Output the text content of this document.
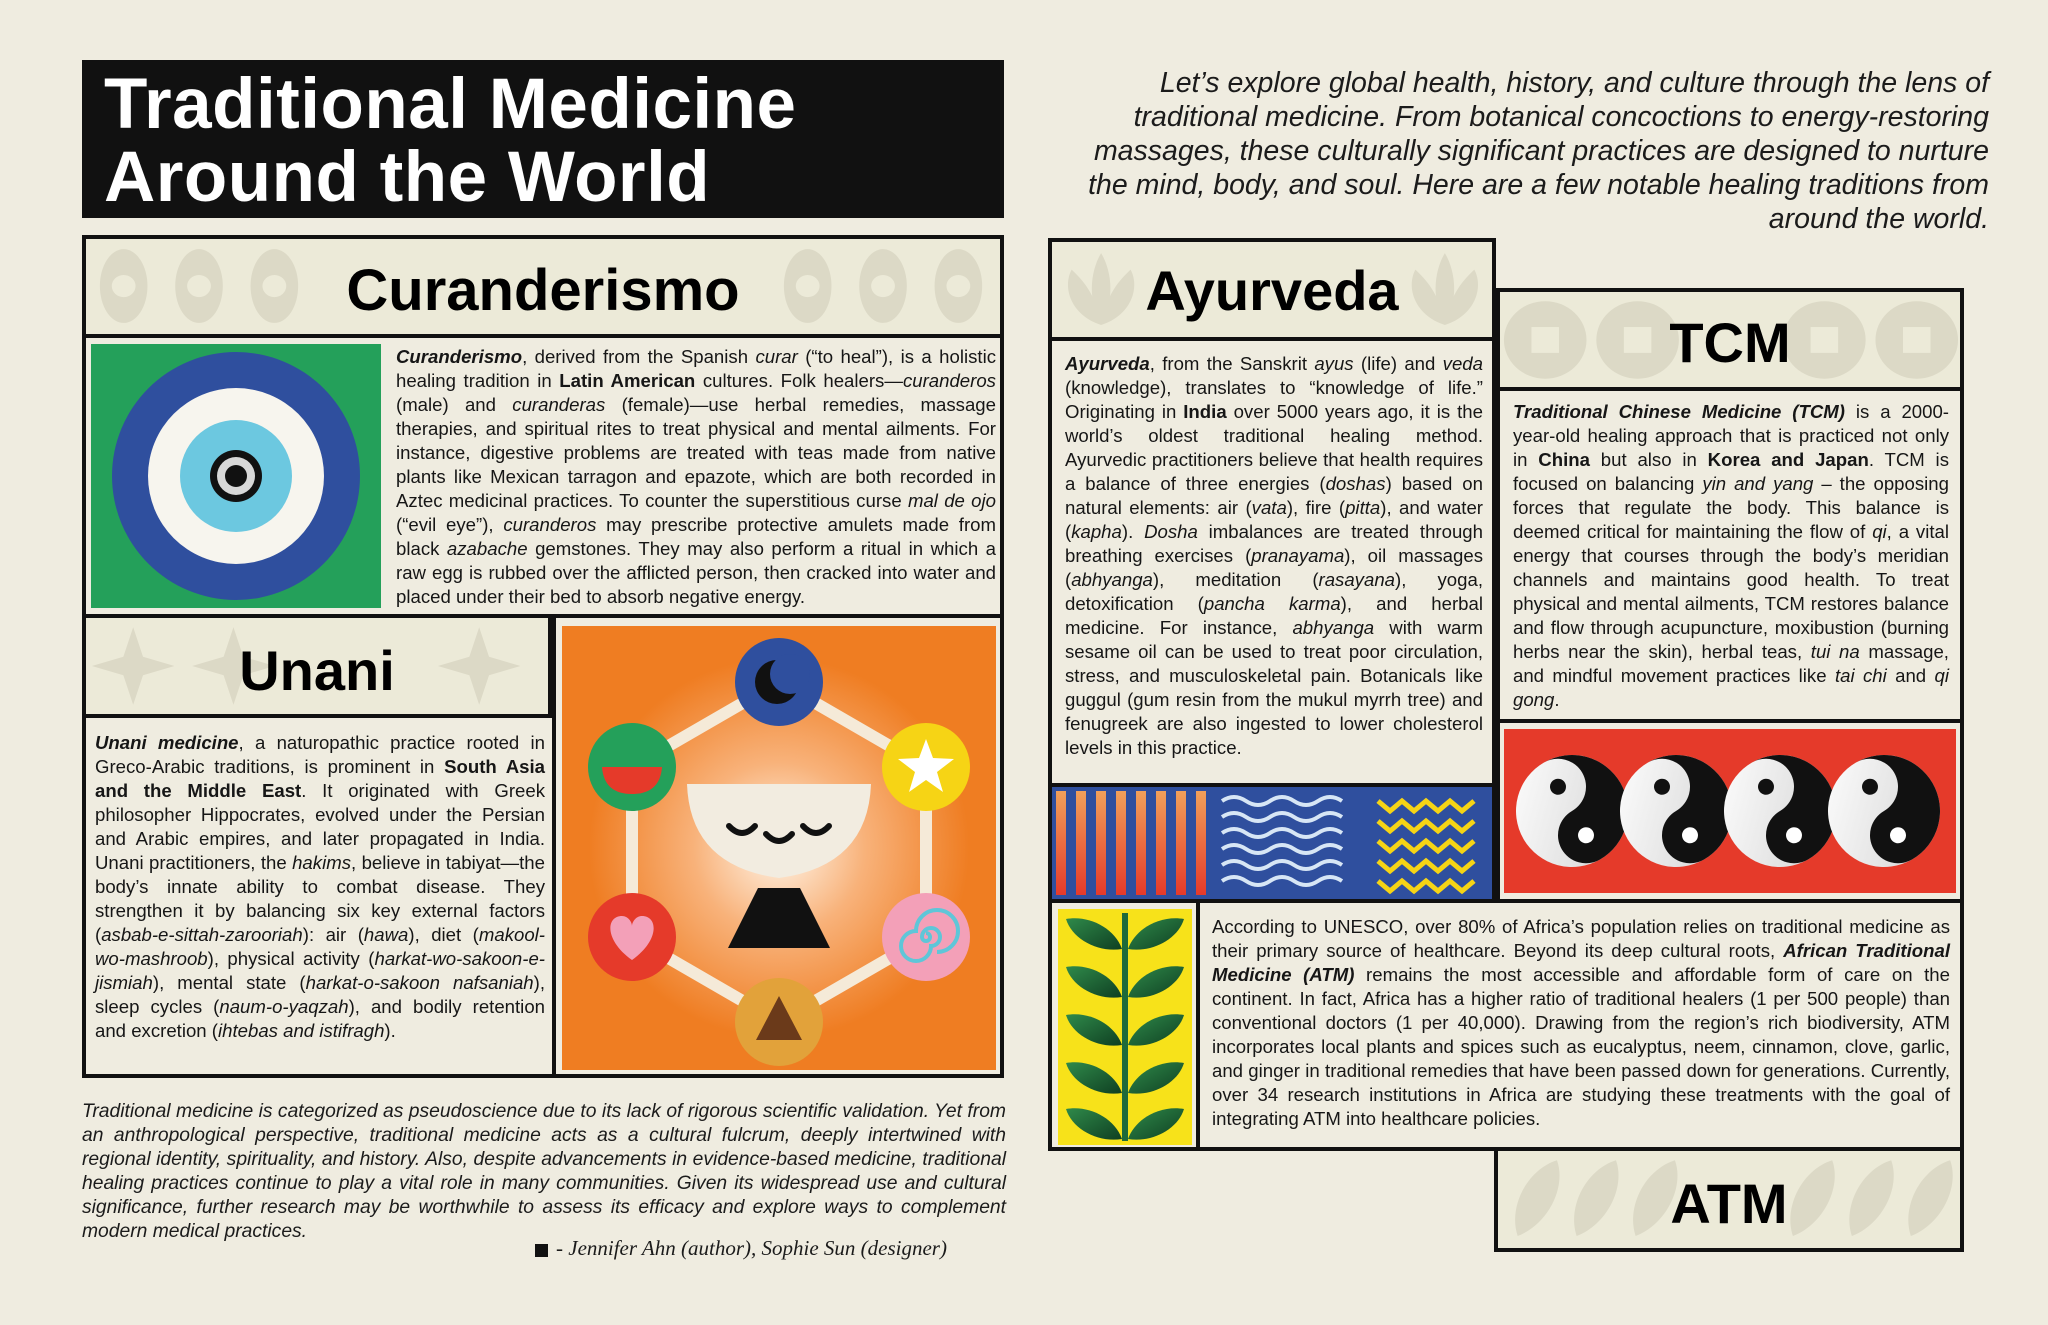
Traditional Medicine
Around the World
Let’s explore global health, history, and culture through the lens of traditional medicine. From botanical concoctions to energy-restoring massages, these culturally significant practices are designed to nurture the mind, body, and soul. Here are a few notable healing traditions from around the world.
Curanderismo
Curanderismo, derived from the Spanish curar (“to heal”), is a holistic healing tradition in Latin American cultures. Folk healers—curanderos (male) and curanderas (female)—use herbal remedies, massage therapies, and spiritual rites to treat physical and mental ailments. For instance, digestive problems are treated with teas made from native plants like Mexican tarragon and epazote, which are both recorded in Aztec medicinal practices. To counter the superstitious curse mal de ojo (“evil eye”), curanderos may prescribe protective amulets made from black azabache gemstones. They may also perform a ritual in which a raw egg is rubbed over the afflicted person, then cracked into water and placed under their bed to absorb negative energy.
Unani
Unani medicine, a naturopathic practice rooted in Greco-Arabic traditions, is prominent in South Asia and the Middle East. It originated with Greek philosopher Hippocrates, evolved under the Persian and Arabic empires, and later propagated in India. Unani practitioners, the hakims, believe in tabiyat—the body’s innate ability to combat disease. They strengthen it by balancing six key external factors (asbab-e-sittah-zarooriah): air (hawa), diet (makool-wo-mashroob), physical activity (harkat-wo-sakoon-e-jismiah), mental state (harkat-o-sakoon nafsaniah), sleep cycles (naum-o-yaqzah), and bodily retention and excretion (ihtebas and istifragh).
Ayurveda
Ayurveda, from the Sanskrit ayus (life) and veda (knowledge), translates to “knowledge of life.” Originating in India over 5000 years ago, it is the world’s oldest traditional healing method. Ayurvedic practitioners believe that health requires a balance of three energies (doshas) based on natural elements: air (vata), fire (pitta), and water (kapha). Dosha imbalances are treated through breathing exercises (pranayama), oil massages (abhyanga), meditation (rasayana), yoga, detoxification (pancha karma), and herbal medicine. For instance, abhyanga with warm sesame oil can be used to treat poor circulation, stress, and musculoskeletal pain. Botanicals like guggul (gum resin from the mukul myrrh tree) and fenugreek are also ingested to lower cholesterol levels in this practice.
TCM
Traditional Chinese Medicine (TCM) is a 2000-year-old healing approach that is practiced not only in China but also in Korea and Japan. TCM is focused on balancing yin and yang – the opposing forces that regulate the body. This balance is deemed critical for maintaining the flow of qi, a vital energy that courses through the body’s meridian channels and maintains good health. To treat physical and mental ailments, TCM restores balance and flow through acupuncture, moxibustion (burning herbs near the skin), herbal teas, tui na massage, and mindful movement practices like tai chi and qi gong.
According to UNESCO, over 80% of Africa’s population relies on traditional medicine as their primary source of healthcare. Beyond its deep cultural roots, African Traditional Medicine (ATM) remains the most accessible and affordable form of care on the continent. In fact, Africa has a higher ratio of traditional healers (1 per 500 people) than conventional doctors (1 per 40,000). Drawing from the region’s rich biodiversity, ATM incorporates local plants and spices such as eucalyptus, neem, cinnamon, clove, garlic, and ginger in traditional remedies that have been passed down for generations. Currently, over 34 research institutions in Africa are studying these treatments with the goal of integrating ATM into healthcare policies.
ATM
Traditional medicine is categorized as pseudoscience due to its lack of rigorous scientific validation. Yet from an anthropological perspective, traditional medicine acts as a cultural fulcrum, deeply intertwined with regional identity, spirituality, and history. Also, despite advancements in evidence-based medicine, traditional healing practices continue to play a vital role in many communities. Given its widespread use and cultural significance, further research may be worthwhile to assess its efficacy and explore ways to complement modern medical practices.
- Jennifer Ahn (author), Sophie Sun (designer)
